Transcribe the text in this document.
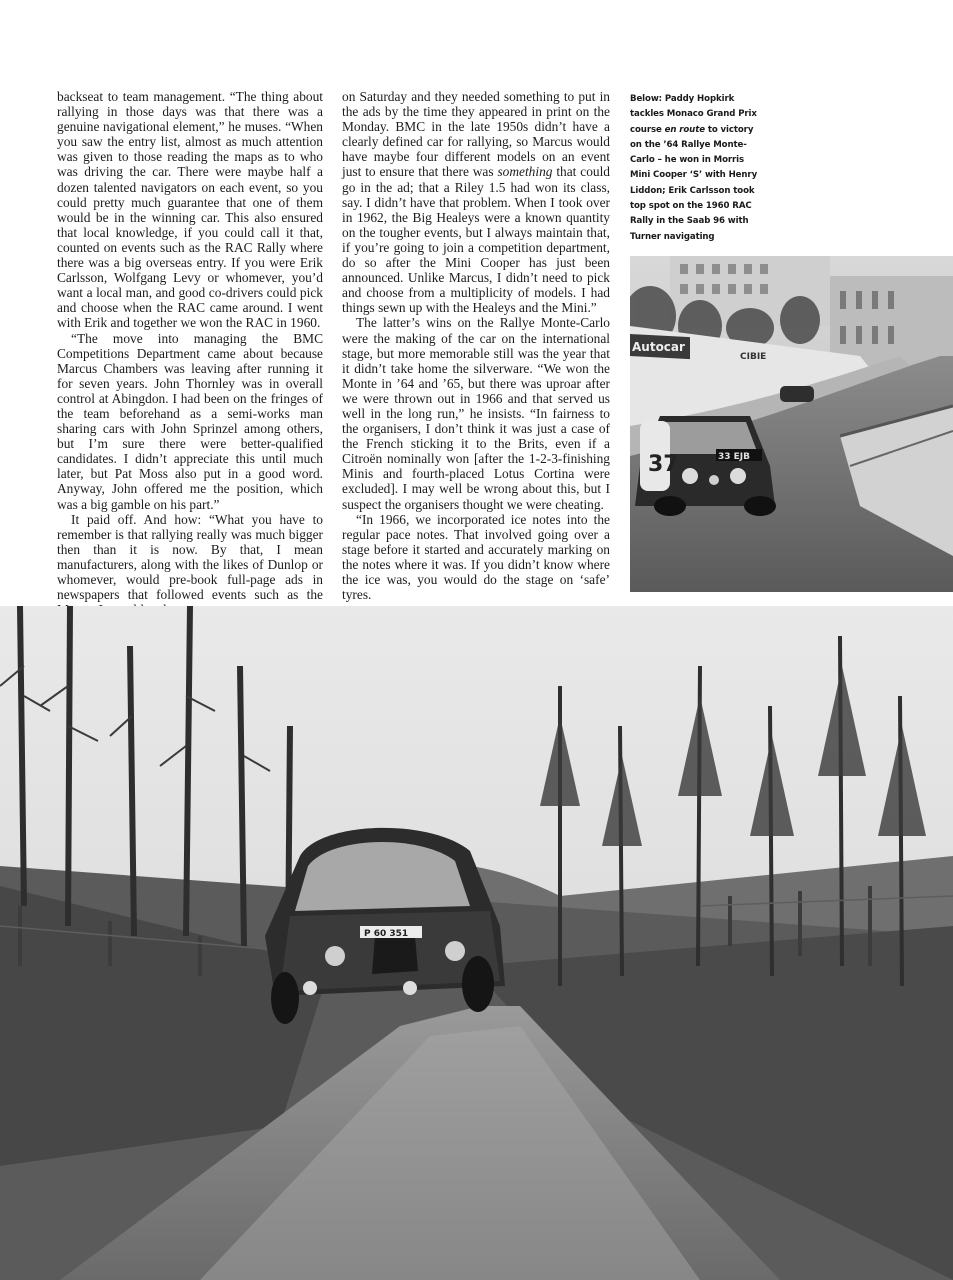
backseat to team management. “The thing about rallying in those days was that there was a genuine navigational element,” he muses. “When you saw the entry list, almost as much attention was given to those reading the maps as to who was driving the car. There were maybe half a dozen talented navigators on each event, so you could pretty much guarantee that one of them would be in the winning car. This also ensured that local knowledge, if you could call it that, counted on events such as the RAC Rally where there was a big overseas entry. If you were Erik Carlsson, Wolfgang Levy or whomever, you’d want a local man, and good co-drivers could pick and choose when the RAC came around. I went with Erik and together we won the RAC in 1960.

“The move into managing the BMC Competitions Department came about because Marcus Chambers was leaving after running it for seven years. John Thornley was in overall control at Abingdon. I had been on the fringes of the team beforehand as a semi-works man sharing cars with John Sprinzel among others, but I’m sure there were better-qualified candidates. I didn’t appreciate this until much later, but Pat Moss also put in a good word. Anyway, John offered me the position, which was a big gamble on his part.”

It paid off. And how: “What you have to remember is that rallying really was much bigger then than it is now. By that, I mean manufacturers, along with the likes of Dunlop or whomever, would pre-book full-page ads in newspapers that followed events such as the

on Saturday and they needed something to put in the ads by the time they appeared in print on the Monday. BMC in the late 1950s didn’t have a clearly defined car for rallying, so Marcus would have maybe four different models on an event just to ensure that there was something that could go in the ad; that a Riley 1.5 had won its class, say. I didn’t have that problem. When I took over in 1962, the Big Healeys were a known quantity on the tougher events, but I always maintain that, if you’re going to join a competition department, do so after the Mini Cooper has just been announced. Unlike Marcus, I didn’t need to pick and choose from a multiplicity of models. I had things sewn up with the Healeys and the Mini.”

The latter’s wins on the Rallye Monte-Carlo were the making of the car on the international stage, but more memorable still was the year that it didn’t take home the silverware. “We won the Monte in ’64 and ’65, but there was uproar after we were thrown out in 1966 and that served us well in the long run,” he insists. “In fairness to the organisers, I don’t think it was just a case of the French sticking it to the Brits, even if a Citroën nominally won [after the 1-2-3-finishing Minis and fourth-placed Lotus Cortina were excluded]. I may well be wrong about this, but I suspect the organisers thought we were cheating.

“In 1966, we incorporated ice notes into the regular pace notes. That involved going over a stage before it started and accurately marking on the notes where it was. If you didn’t know where the ice was, you would do the stage on ‘safe’ tyres.

Below: Paddy Hopkirk tackles Monaco Grand Prix course en route to victory on the ’64 Rallye Monte-Carlo – he won in Morris Mini Cooper ‘S’ with Henry Liddon; Erik Carlsson took top spot on the 1960 RAC Rally in the Saab 96 with Turner navigating
Autocar
CIBIE
37	33 EJB
P 60 351
